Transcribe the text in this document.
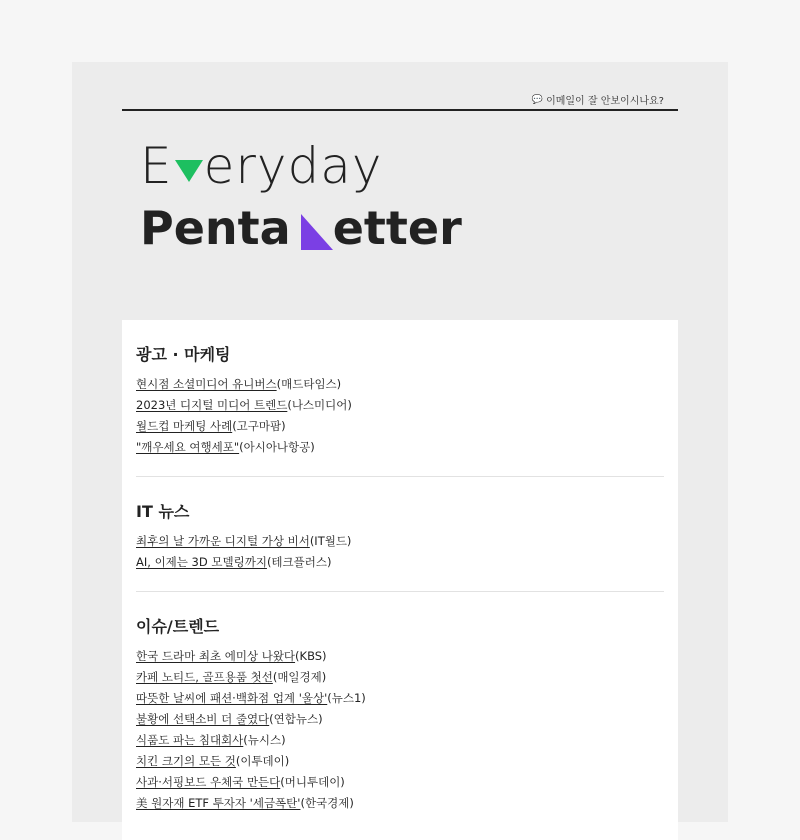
💬 이메일이 잘 안보이시나요?
E eryday
Penta etter
광고 · 마케팅
현시점 소셜미디어 유니버스(매드타임스)
2023년 디지털 미디어 트렌드(나스미디어)
월드컵 마케팅 사례(고구마팜)
"깨우세요 여행세포"(아시아나항공)
IT 뉴스
최후의 날 가까운 디지털 가상 비서(IT월드)
AI, 이제는 3D 모델링까지(테크플러스)
이슈/트렌드
한국 드라마 최초 에미상 나왔다(KBS)
카페 노티드, 골프용품 첫선(매일경제)
따뜻한 날씨에 패션·백화점 업계 '울상'(뉴스1)
불황에 선택소비 더 줄였다(연합뉴스)
식품도 파는 침대회사(뉴시스)
치킨 크기의 모든 것(이투데이)
사과·서핑보드 우체국 만든다(머니투데이)
美 원자재 ETF 투자자 '세금폭탄'(한국경제)
